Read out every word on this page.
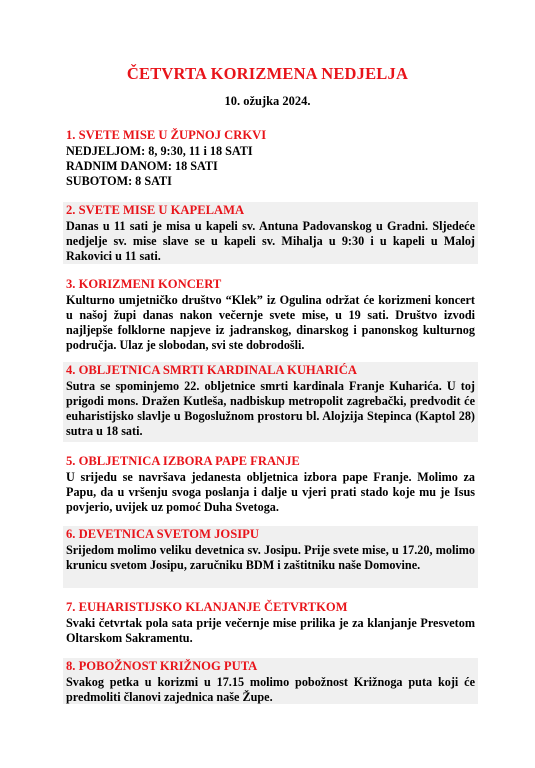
ČETVRTA KORIZMENA NEDJELJA
10. ožujka 2024.
1. SVETE MISE U ŽUPNOJ CRKVI
NEDJELJOM: 8, 9:30, 11 i 18 SATI
RADNIM DANOM: 18 SATI
SUBOTOM: 8 SATI
2. SVETE MISE U KAPELAMA
Danas u 11 sati je misa u kapeli sv. Antuna Padovanskog u Gradni. Sljedeće nedjelje sv. mise slave se u kapeli sv. Mihalja u 9:30 i u kapeli u Maloj Rakovici u 11 sati.
3. KORIZMENI KONCERT
Kulturno umjetničko društvo “Klek” iz Ogulina održat će korizmeni koncert u našoj župi danas nakon večernje svete mise, u 19 sati. Društvo izvodi najljepše folklorne napjeve iz jadranskog, dinarskog i panonskog kulturnog područja. Ulaz je slobodan, svi ste dobrodošli.
4. OBLJETNICA SMRTI KARDINALA KUHARIĆA
Sutra se spominjemo 22. obljetnice smrti kardinala Franje Kuharića. U toj prigodi mons. Dražen Kutleša, nadbiskup metropolit zagrebački, predvodit će euharistijsko slavlje u Bogoslužnom prostoru bl. Alojzija Stepinca (Kaptol 28) sutra u 18 sati.
5. OBLJETNICA IZBORA PAPE FRANJE
U srijedu se navršava jedanesta obljetnica izbora pape Franje. Molimo za Papu, da u vršenju svoga poslanja i dalje u vjeri prati stado koje mu je Isus povjerio, uvijek uz pomoć Duha Svetoga.
6. DEVETNICA SVETOM JOSIPU
Srijedom molimo veliku devetnica sv. Josipu. Prije svete mise, u 17.20, molimo krunicu svetom Josipu, zaručniku BDM i zaštitniku naše Domovine.
7. EUHARISTIJSKO KLANJANJE ČETVRTKOM
Svaki četvrtak pola sata prije večernje mise prilika je za klanjanje Presvetom Oltarskom Sakramentu.
8. POBOŽNOST KRIŽNOG PUTA
Svakog petka u korizmi u 17.15 molimo pobožnost Križnoga puta koji će predmoliti članovi zajednica naše Župe.
